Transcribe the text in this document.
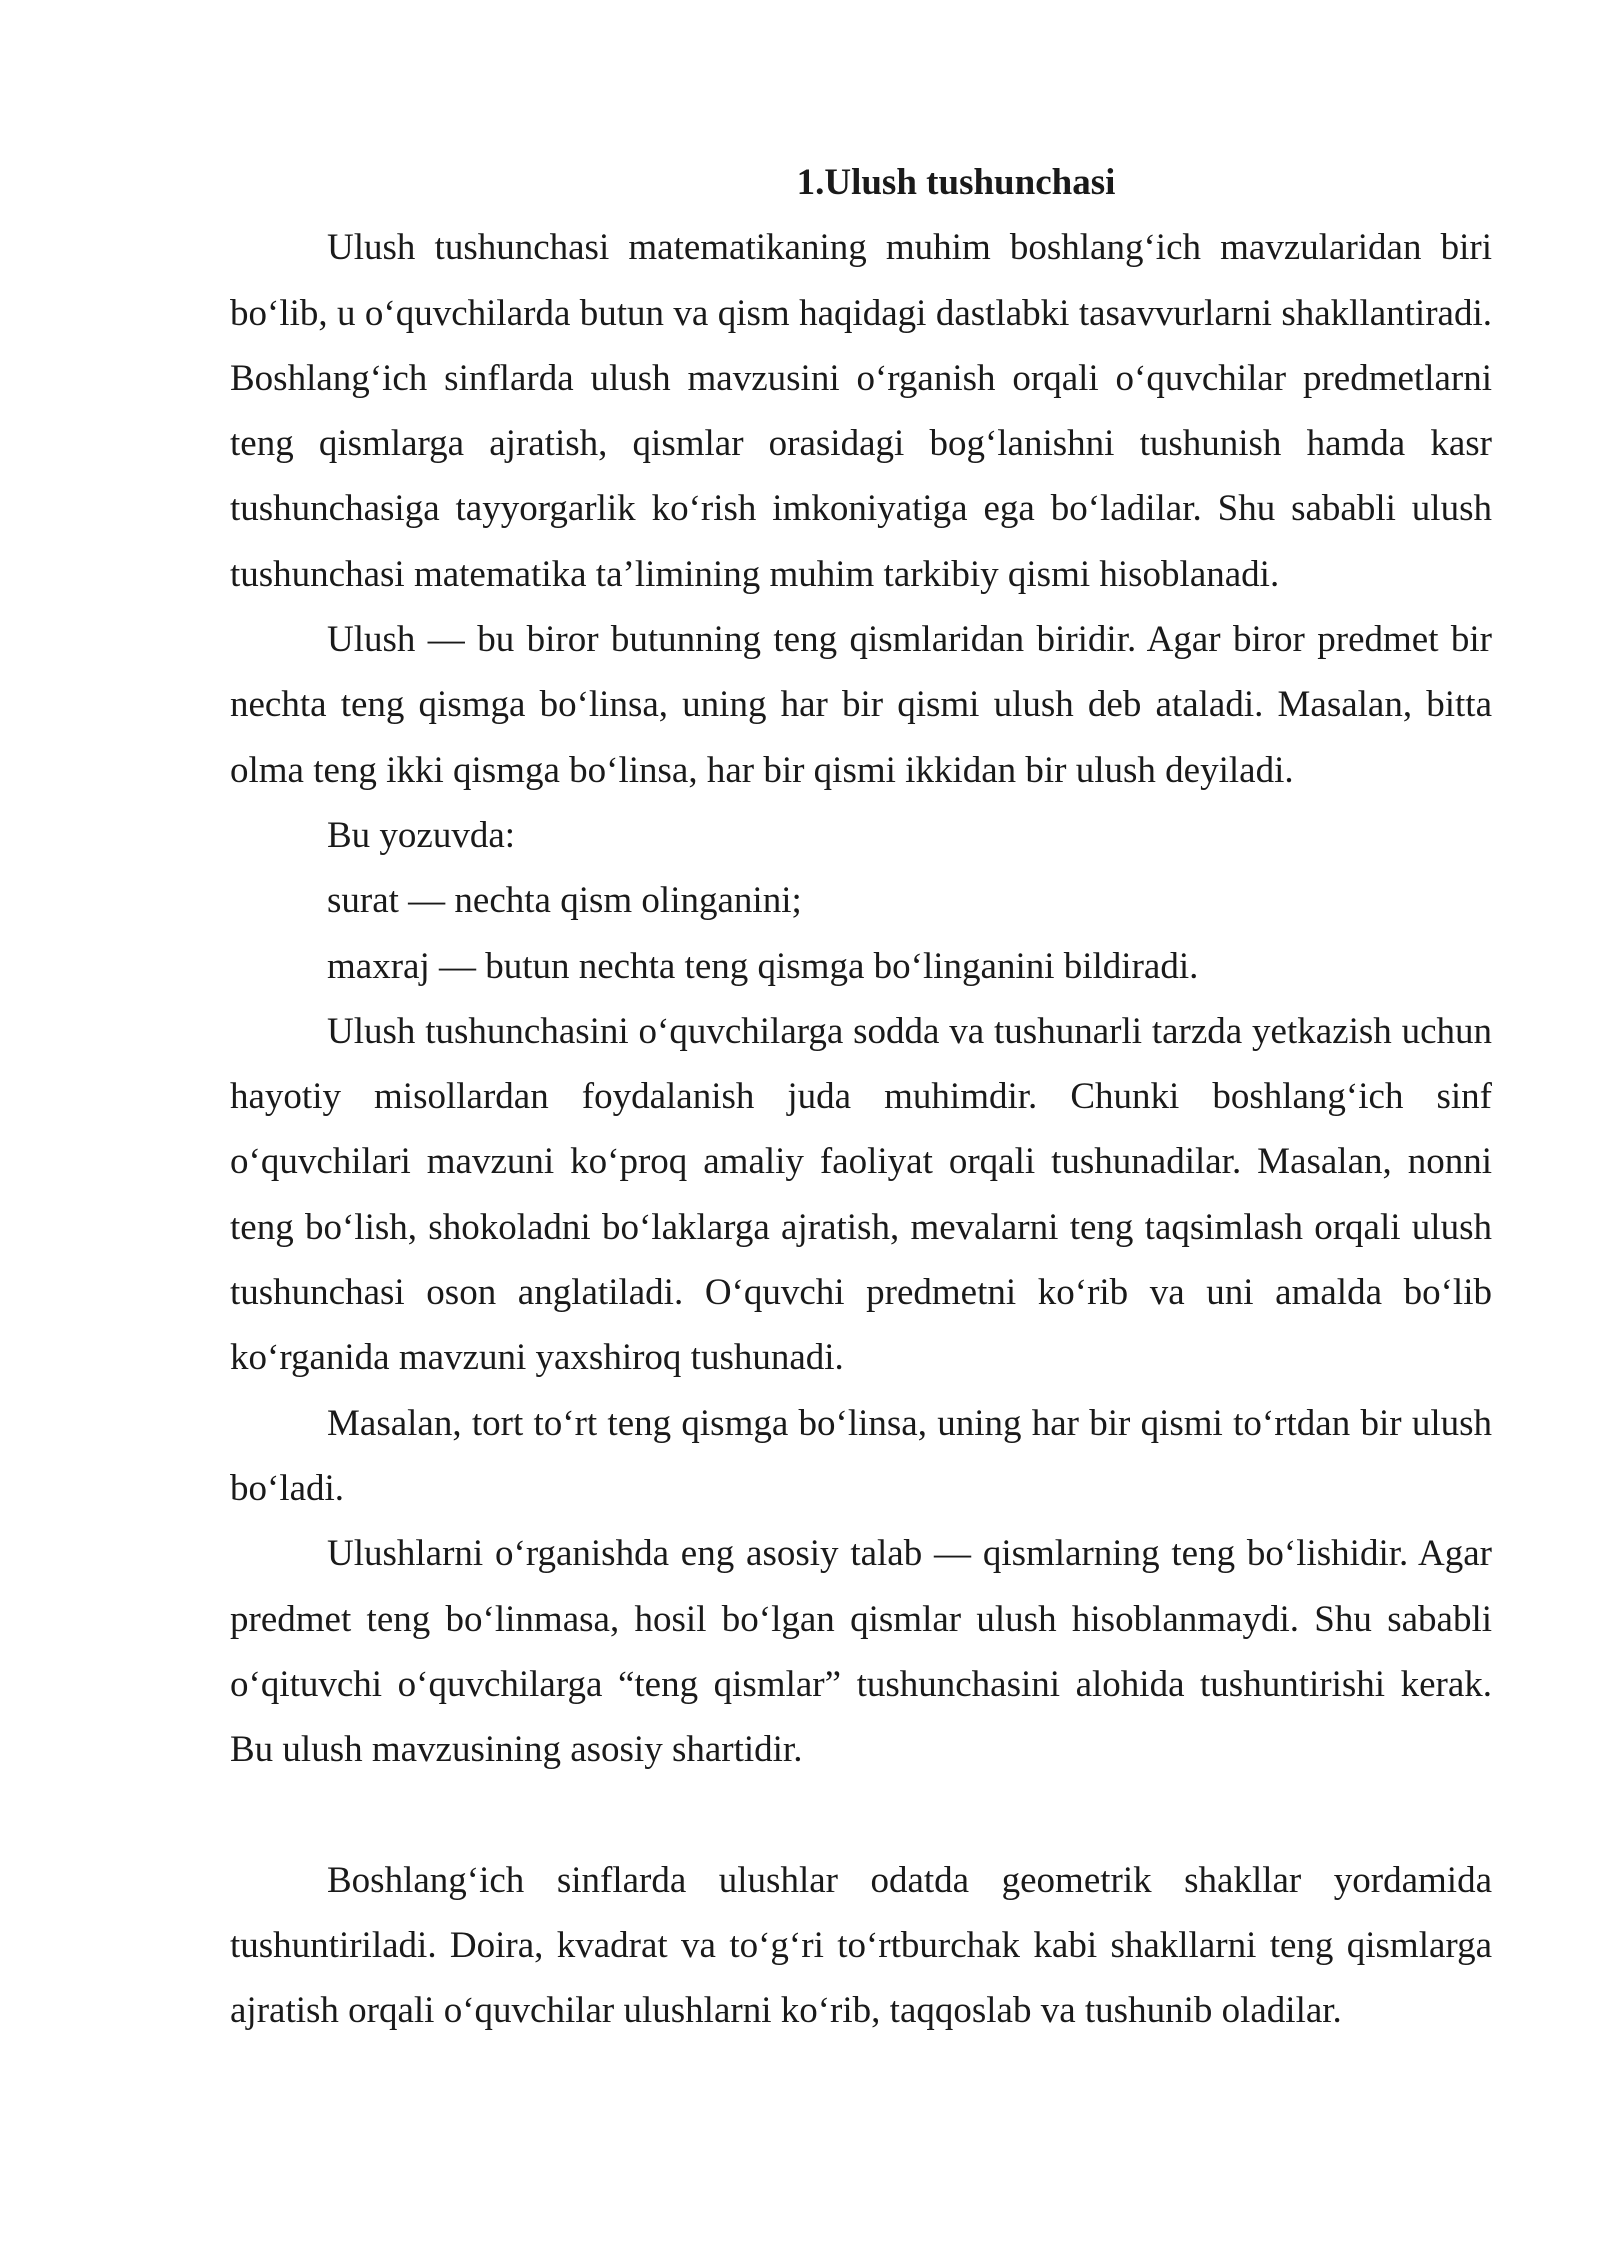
1.Ulush tushunchasi

Ulush tushunchasi matematikaning muhim boshlang‘ich mavzularidan biri bo‘lib, u o‘quvchilarda butun va qism haqidagi dastlabki tasavvurlarni shakllantiradi. Boshlang‘ich sinflarda ulush mavzusini o‘rganish orqali o‘quvchilar predmetlarni teng qismlarga ajratish, qismlar orasidagi bog‘lanishni tushunish hamda kasr tushunchasiga tayyorgarlik ko‘rish imkoniyatiga ega bo‘ladilar. Shu sababli ulush tushunchasi matematika ta’limining muhim tarkibiy qismi hisoblanadi.

Ulush — bu biror butunning teng qismlaridan biridir. Agar biror predmet bir nechta teng qismga bo‘linsa, uning har bir qismi ulush deb ataladi. Masalan, bitta olma teng ikki qismga bo‘linsa, har bir qismi ikkidan bir ulush deyiladi.

Bu yozuvda:

surat — nechta qism olinganini;

maxraj — butun nechta teng qismga bo‘linganini bildiradi.

Ulush tushunchasini o‘quvchilarga sodda va tushunarli tarzda yetkazish uchun hayotiy misollardan foydalanish juda muhimdir. Chunki boshlang‘ich sinf o‘quvchilari mavzuni ko‘proq amaliy faoliyat orqali tushunadilar. Masalan, nonni teng bo‘lish, shokoladni bo‘laklarga ajratish, mevalarni teng taqsimlash orqali ulush tushunchasi oson anglatiladi. O‘quvchi predmetni ko‘rib va uni amalda bo‘lib ko‘rganida mavzuni yaxshiroq tushunadi.

Masalan, tort to‘rt teng qismga bo‘linsa, uning har bir qismi to‘rtdan bir ulush bo‘ladi.

Ulushlarni o‘rganishda eng asosiy talab — qismlarning teng bo‘lishidir. Agar predmet teng bo‘linmasa, hosil bo‘lgan qismlar ulush hisoblanmaydi. Shu sababli o‘qituvchi o‘quvchilarga “teng qismlar” tushunchasini alohida tushuntirishi kerak. Bu ulush mavzusining asosiy shartidir.

Boshlang‘ich sinflarda ulushlar odatda geometrik shakllar yordamida tushuntiriladi. Doira, kvadrat va to‘g‘ri to‘rtburchak kabi shakllarni teng qismlarga ajratish orqali o‘quvchilar ulushlarni ko‘rib, taqqoslab va tushunib oladilar.
